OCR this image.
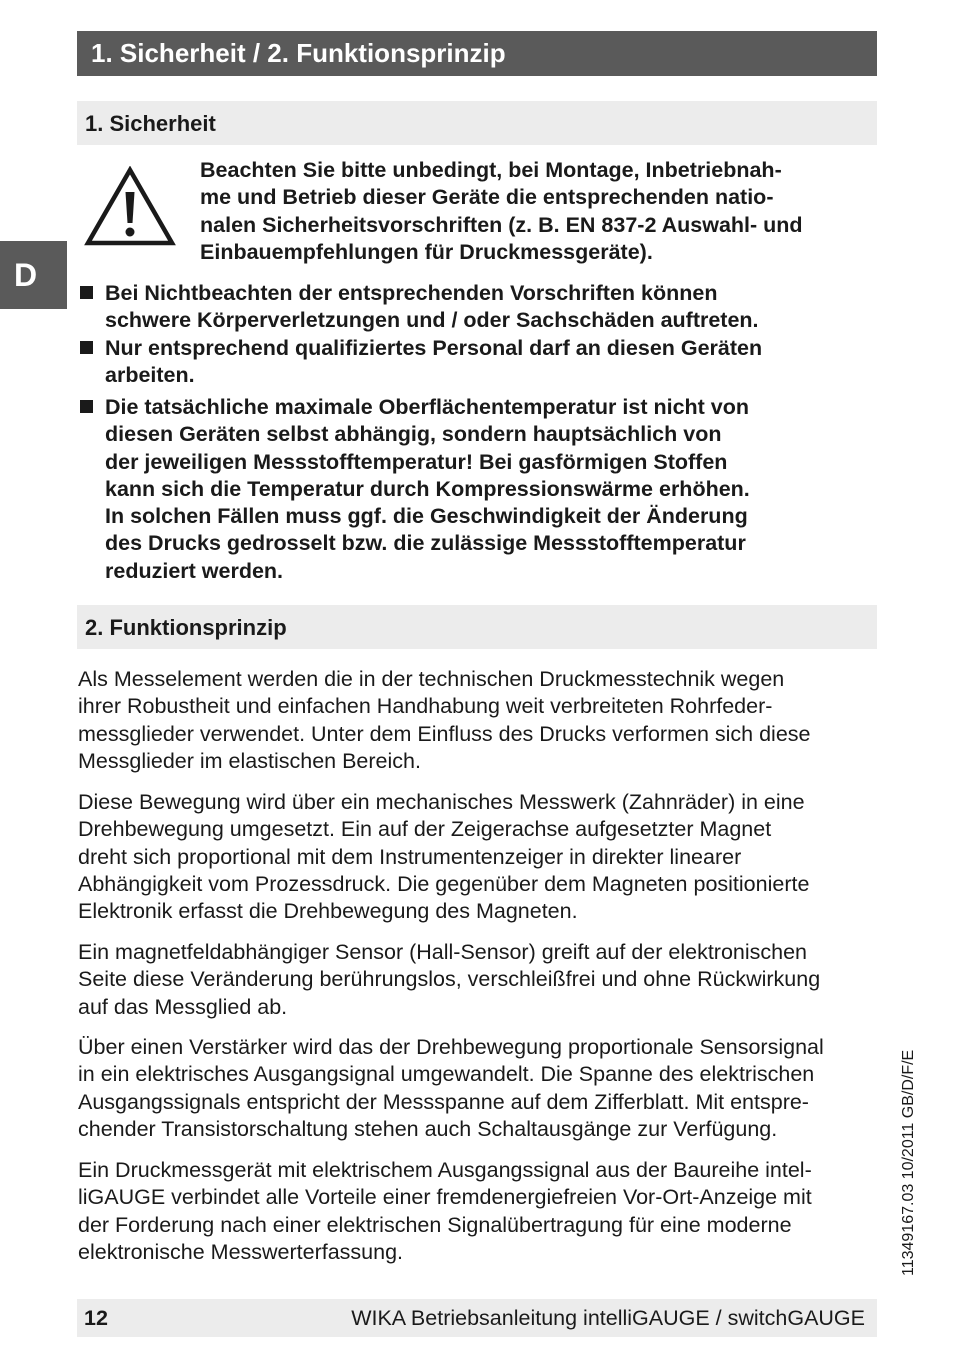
1. Sicherheit / 2. Funktionsprinzip
D
1. Sicherheit
Beachten Sie bitte unbedingt, bei Montage, Inbetriebnah-
me und Betrieb dieser Geräte die entsprechenden natio-
nalen Sicherheitsvorschriften (z. B. EN 837-2 Auswahl- und
Einbauempfehlungen für Druckmessgeräte).
Bei Nichtbeachten der entsprechenden Vorschriften können
schwere Körperverletzungen und / oder Sachschäden auftreten.
Nur entsprechend qualifiziertes Personal darf an diesen Geräten
arbeiten.
Die tatsächliche maximale Oberflächentemperatur ist nicht von
diesen Geräten selbst abhängig, sondern hauptsächlich von
der jeweiligen Messstofftemperatur! Bei gasförmigen Stoffen
kann sich die Temperatur durch Kompressionswärme erhöhen.
In solchen Fällen muss ggf. die Geschwindigkeit der Änderung
des Drucks gedrosselt bzw. die zulässige Messstofftemperatur
reduziert werden.
2. Funktionsprinzip
Als Messelement werden die in der technischen Druckmesstechnik wegen
ihrer Robustheit und einfachen Handhabung weit verbreiteten Rohrfeder-
messglieder verwendet. Unter dem Einfluss des Drucks verformen sich diese
Messglieder im elastischen Bereich.
Diese Bewegung wird über ein mechanisches Messwerk (Zahnräder) in eine
Drehbewegung umgesetzt. Ein auf der Zeigerachse aufgesetzter Magnet
dreht sich proportional mit dem Instrumentenzeiger in direkter linearer
Abhängigkeit vom Prozessdruck. Die gegenüber dem Magneten positionierte
Elektronik erfasst die Drehbewegung des Magneten.
Ein magnetfeldabhängiger Sensor (Hall-Sensor) greift auf der elektronischen
Seite diese Veränderung berührungslos, verschleißfrei und ohne Rückwirkung
auf das Messglied ab.
Über einen Verstärker wird das der Drehbewegung proportionale Sensorsignal
in ein elektrisches Ausgangsignal umgewandelt. Die Spanne des elektrischen
Ausgangssignals entspricht der Messspanne auf dem Zifferblatt. Mit entspre-
chender Transistorschaltung stehen auch Schaltausgänge zur Verfügung.
Ein Druckmessgerät mit elektrischem Ausgangssignal aus der Baureihe intel-
liGAUGE verbindet alle Vorteile einer fremdenergiefreien Vor-Ort-Anzeige mit
der Forderung nach einer elektrischen Signalübertragung für eine moderne
elektronische Messwerterfassung.	11349167.03 10/2011 GB/D/F/E
12	WIKA Betriebsanleitung intelliGAUGE / switchGAUGE
